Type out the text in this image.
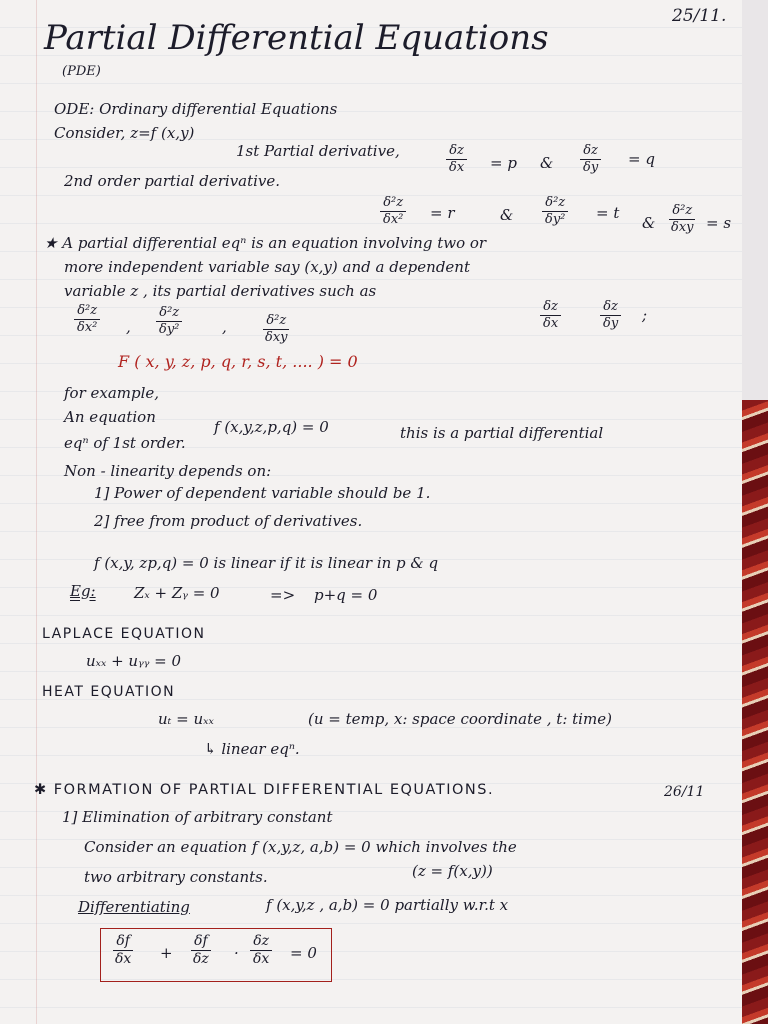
Partial Differential Equations
25/11.
(PDE)
ODE: Ordinary differential Equations
Consider, z=f (x,y)
1st Partial derivative,	$\frac{\delta z}{\delta x} = p$ & $\frac{\delta z}{\delta y} = q$
2nd order partial derivative.
$\frac{\text{δ²z}}{\text{δx²}} = r$	& $\frac{\text{δ²z}}{\text{δy²}} = t$
&
δ²z
δxy = s
★ A partial differential eqⁿ is an equation involving two or
more independent variable say (x,y) and a dependent
variable z , its partial derivatives such as
$\frac{\delta z}{\delta x}$	$\frac{\delta z}{\delta y}$ ;
$\frac{\text{δ²z}}{\text{δx²}}$ , $\frac{\text{δ²z}}{\text{δy²}}$	,	δ²z
δxy
F ( x, y, z, p, q, r, s, t, .... ) = 0
for example,
An equation
f (x,y,z,p,q) = 0	this is a partial differential
eqⁿ of 1st order.
Non - linearity depends on:
1] Power of dependent variable should be 1.
2] free from product of derivatives.
f (x,y, zp,q) = 0 is linear if it is linear in p & q
Eg:	Zₓ + Zᵧ = 0	=> p+q = 0
LAPLACE EQUATION
uₓₓ + uᵧᵧ = 0
HEAT EQUATION
uₜ = uₓₓ	(u = temp, x: space coordinate , t: time)
↳ linear eqⁿ.
✱ FORMATION OF PARTIAL DIFFERENTIAL EQUATIONS.	26/11
1] Elimination of arbitrary constant
Consider an equation f (x,y,z, a,b) = 0 which involves the
two arbitrary constants.	(z = f(x,y))
Differentiating	f (x,y,z , a,b) = 0 partially w.r.t x
$\frac{\delta f}{\delta x} + \frac{\delta f}{\delta z} \cdot \frac{\delta z}{\delta x} = 0$
